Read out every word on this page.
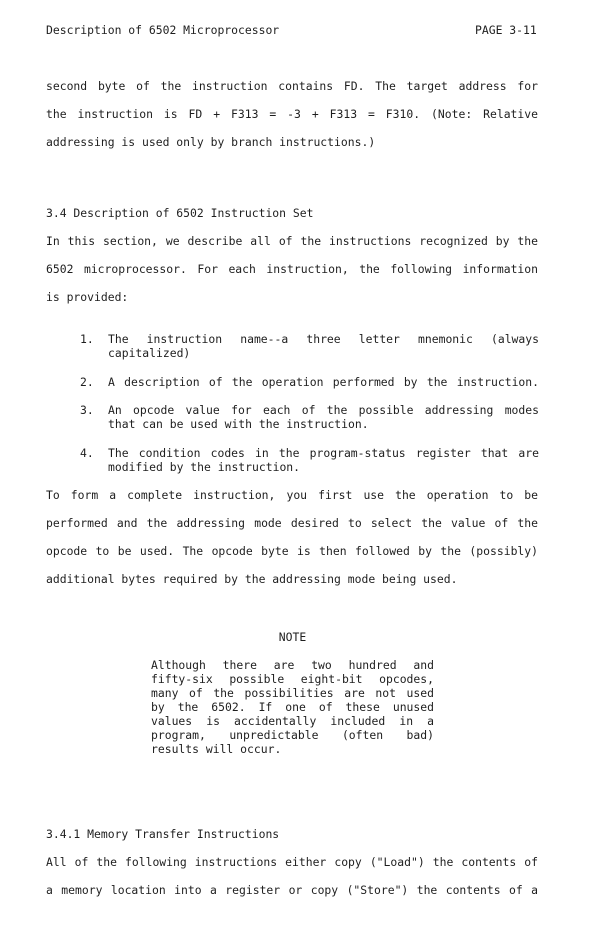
Description of 6502 Microprocessor	PAGE 3-11
second byte of the instruction contains FD. The target address for
the instruction is FD + F313 = -3 + F313 = F310. (Note: Relative
addressing is used only by branch instructions.)
3.4 Description of 6502 Instruction Set
In this section, we describe all of the instructions recognized by the
6502 microprocessor. For each instruction, the following information
is provided:
1.	The instruction name--a three letter mnemonic (always
capitalized)
2.	A description of the operation performed by the instruction.
3.	An opcode value for each of the possible addressing modes
that can be used with the instruction.
4.	The condition codes in the program-status register that are
modified by the instruction.
To form a complete instruction, you first use the operation to be
performed and the addressing mode desired to select the value of the
opcode to be used. The opcode byte is then followed by the (possibly)
additional bytes required by the addressing mode being used.
NOTE
Although there are two hundred and
fifty-six possible eight-bit opcodes,
many of the possibilities are not used
by the 6502. If one of these unused
values is accidentally included in a
program, unpredictable (often bad)
results will occur.
3.4.1 Memory Transfer Instructions
All of the following instructions either copy ("Load") the contents of
a memory location into a register or copy ("Store") the contents of a
